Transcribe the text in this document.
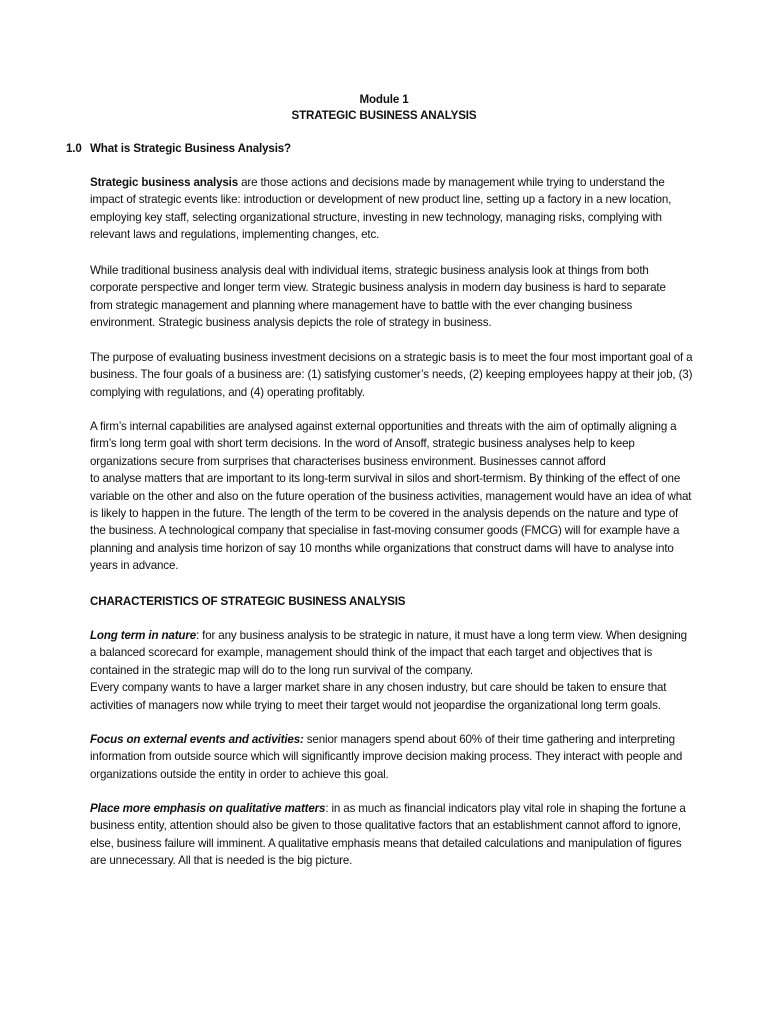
Module 1
STRATEGIC BUSINESS ANALYSIS
1.0 What is Strategic Business Analysis?
Strategic business analysis are those actions and decisions made by management while trying to understand the
impact of strategic events like: introduction or development of new product line, setting up a factory in a new location,
employing key staff, selecting organizational structure, investing in new technology, managing risks, complying with
relevant laws and regulations, implementing changes, etc.
While traditional business analysis deal with individual items, strategic business analysis look at things from both
corporate perspective and longer term view. Strategic business analysis in modern day business is hard to separate
from strategic management and planning where management have to battle with the ever changing business
environment. Strategic business analysis depicts the role of strategy in business.
The purpose of evaluating business investment decisions on a strategic basis is to meet the four most important goal of a
business. The four goals of a business are: (1) satisfying customer’s needs, (2) keeping employees happy at their job, (3)
complying with regulations, and (4) operating profitably.
A firm’s internal capabilities are analysed against external opportunities and threats with the aim of optimally aligning a
firm’s long term goal with short term decisions. In the word of Ansoff, strategic business analyses help to keep
organizations secure from surprises that characterises business environment. Businesses cannot afford
to analyse matters that are important to its long-term survival in silos and short-termism. By thinking of the effect of one
variable on the other and also on the future operation of the business activities, management would have an idea of what
is likely to happen in the future. The length of the term to be covered in the analysis depends on the nature and type of
the business. A technological company that specialise in fast-moving consumer goods (FMCG) will for example have a
planning and analysis time horizon of say 10 months while organizations that construct dams will have to analyse into
years in advance.
CHARACTERISTICS OF STRATEGIC BUSINESS ANALYSIS
Long term in nature: for any business analysis to be strategic in nature, it must have a long term view. When designing
a balanced scorecard for example, management should think of the impact that each target and objectives that is
contained in the strategic map will do to the long run survival of the company.
Every company wants to have a larger market share in any chosen industry, but care should be taken to ensure that
activities of managers now while trying to meet their target would not jeopardise the organizational long term goals.
Focus on external events and activities: senior managers spend about 60% of their time gathering and interpreting
information from outside source which will significantly improve decision making process. They interact with people and
organizations outside the entity in order to achieve this goal.
Place more emphasis on qualitative matters: in as much as financial indicators play vital role in shaping the fortune a
business entity, attention should also be given to those qualitative factors that an establishment cannot afford to ignore,
else, business failure will imminent. A qualitative emphasis means that detailed calculations and manipulation of figures
are unnecessary. All that is needed is the big picture.
